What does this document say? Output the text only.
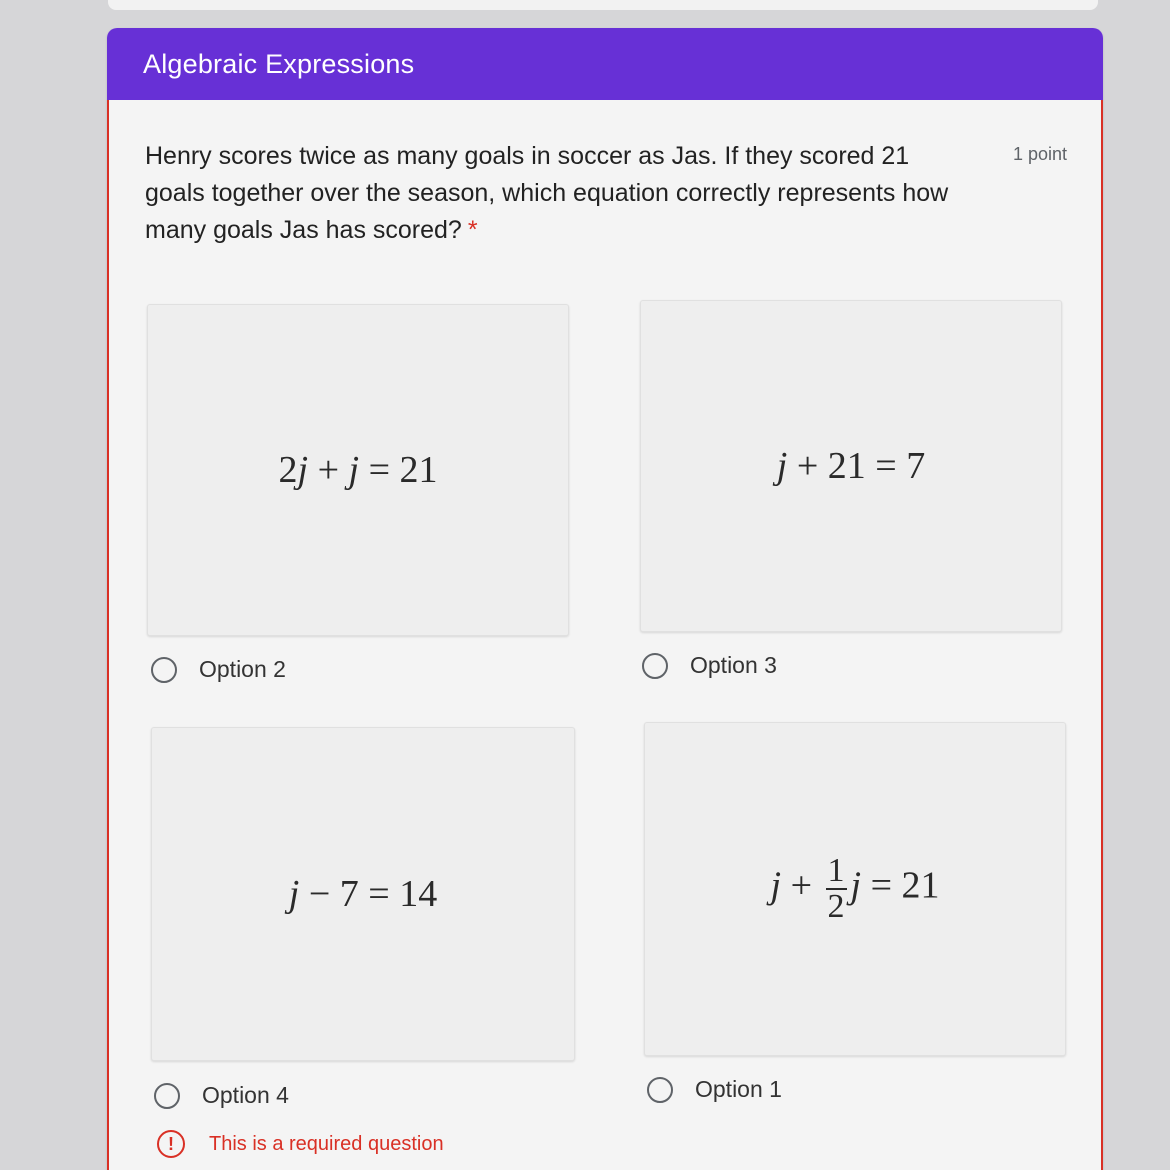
Algebraic Expressions
Henry scores twice as many goals in soccer as Jas. If they scored 21 goals together over the season, which equation correctly represents how many goals Jas has scored? *
1 point
2j + j = 21
Option 2
j + 21 = 7
Option 3
j − 7 = 14
Option 4
$j + \frac{1}{2}$ j = 21
Option 1
!	This is a required question
